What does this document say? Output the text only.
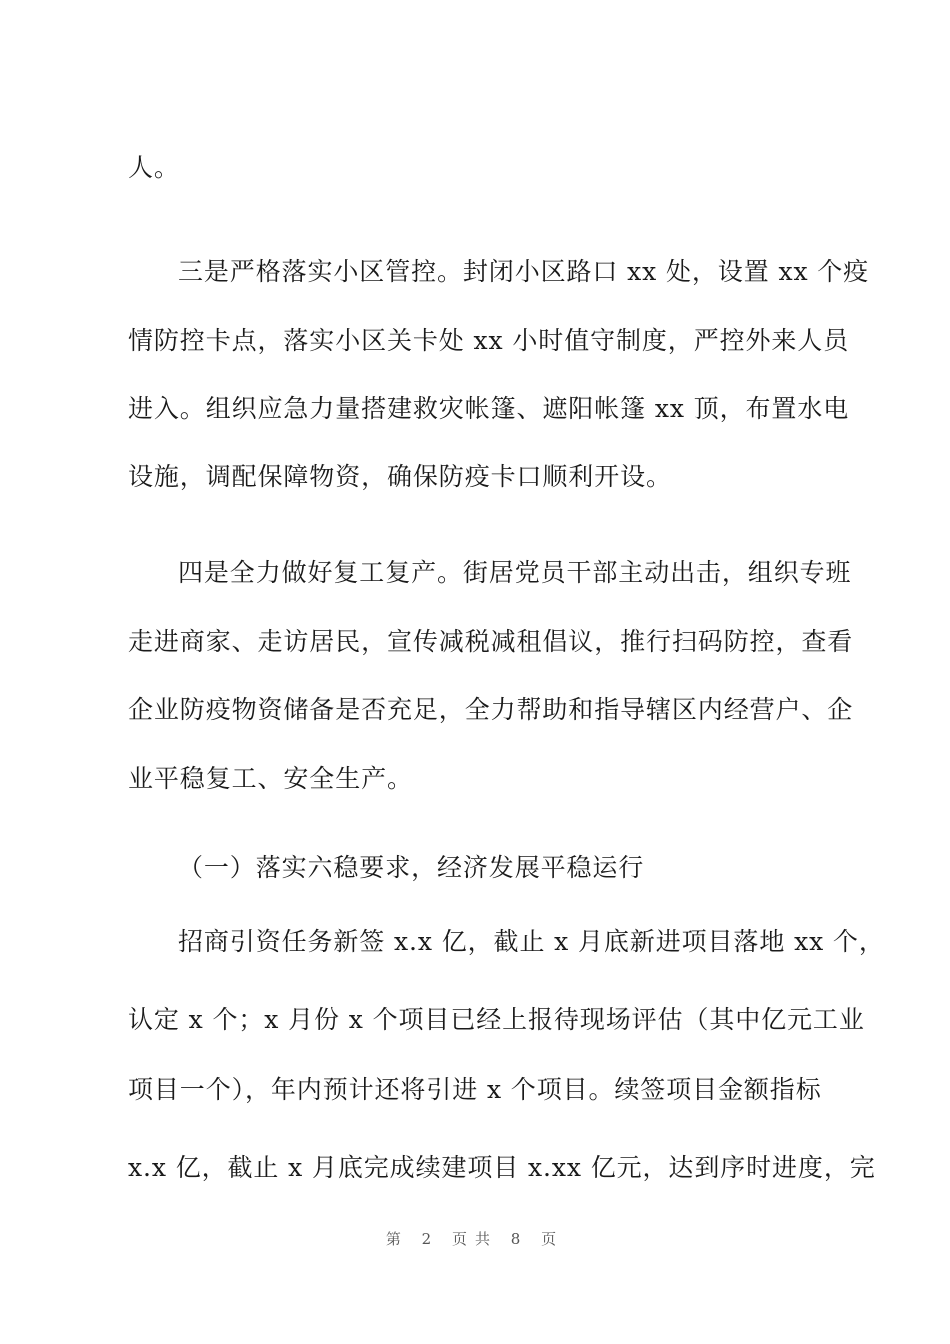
人。
三是严格落实小区管控。封闭小区路口 xx 处，设置 xx 个疫
情防控卡点，落实小区关卡处 xx 小时值守制度，严控外来人员
进入。组织应急力量搭建救灾帐篷、遮阳帐篷 xx 顶，布置水电
设施，调配保障物资，确保防疫卡口顺利开设。
四是全力做好复工复产。街居党员干部主动出击，组织专班
走进商家、走访居民，宣传减税减租倡议，推行扫码防控，查看
企业防疫物资储备是否充足，全力帮助和指导辖区内经营户、企
业平稳复工、安全生产。
（一）落实六稳要求，经济发展平稳运行
招商引资任务新签 x.x 亿，截止 x 月底新进项目落地 xx 个，
认定 x 个；x 月份 x 个项目已经上报待现场评估（其中亿元工业
项目一个），年内预计还将引进 x 个项目。续签项目金额指标
x.x 亿，截止 x 月底完成续建项目 x.xx 亿元，达到序时进度，完
第 2 页共 8 页
